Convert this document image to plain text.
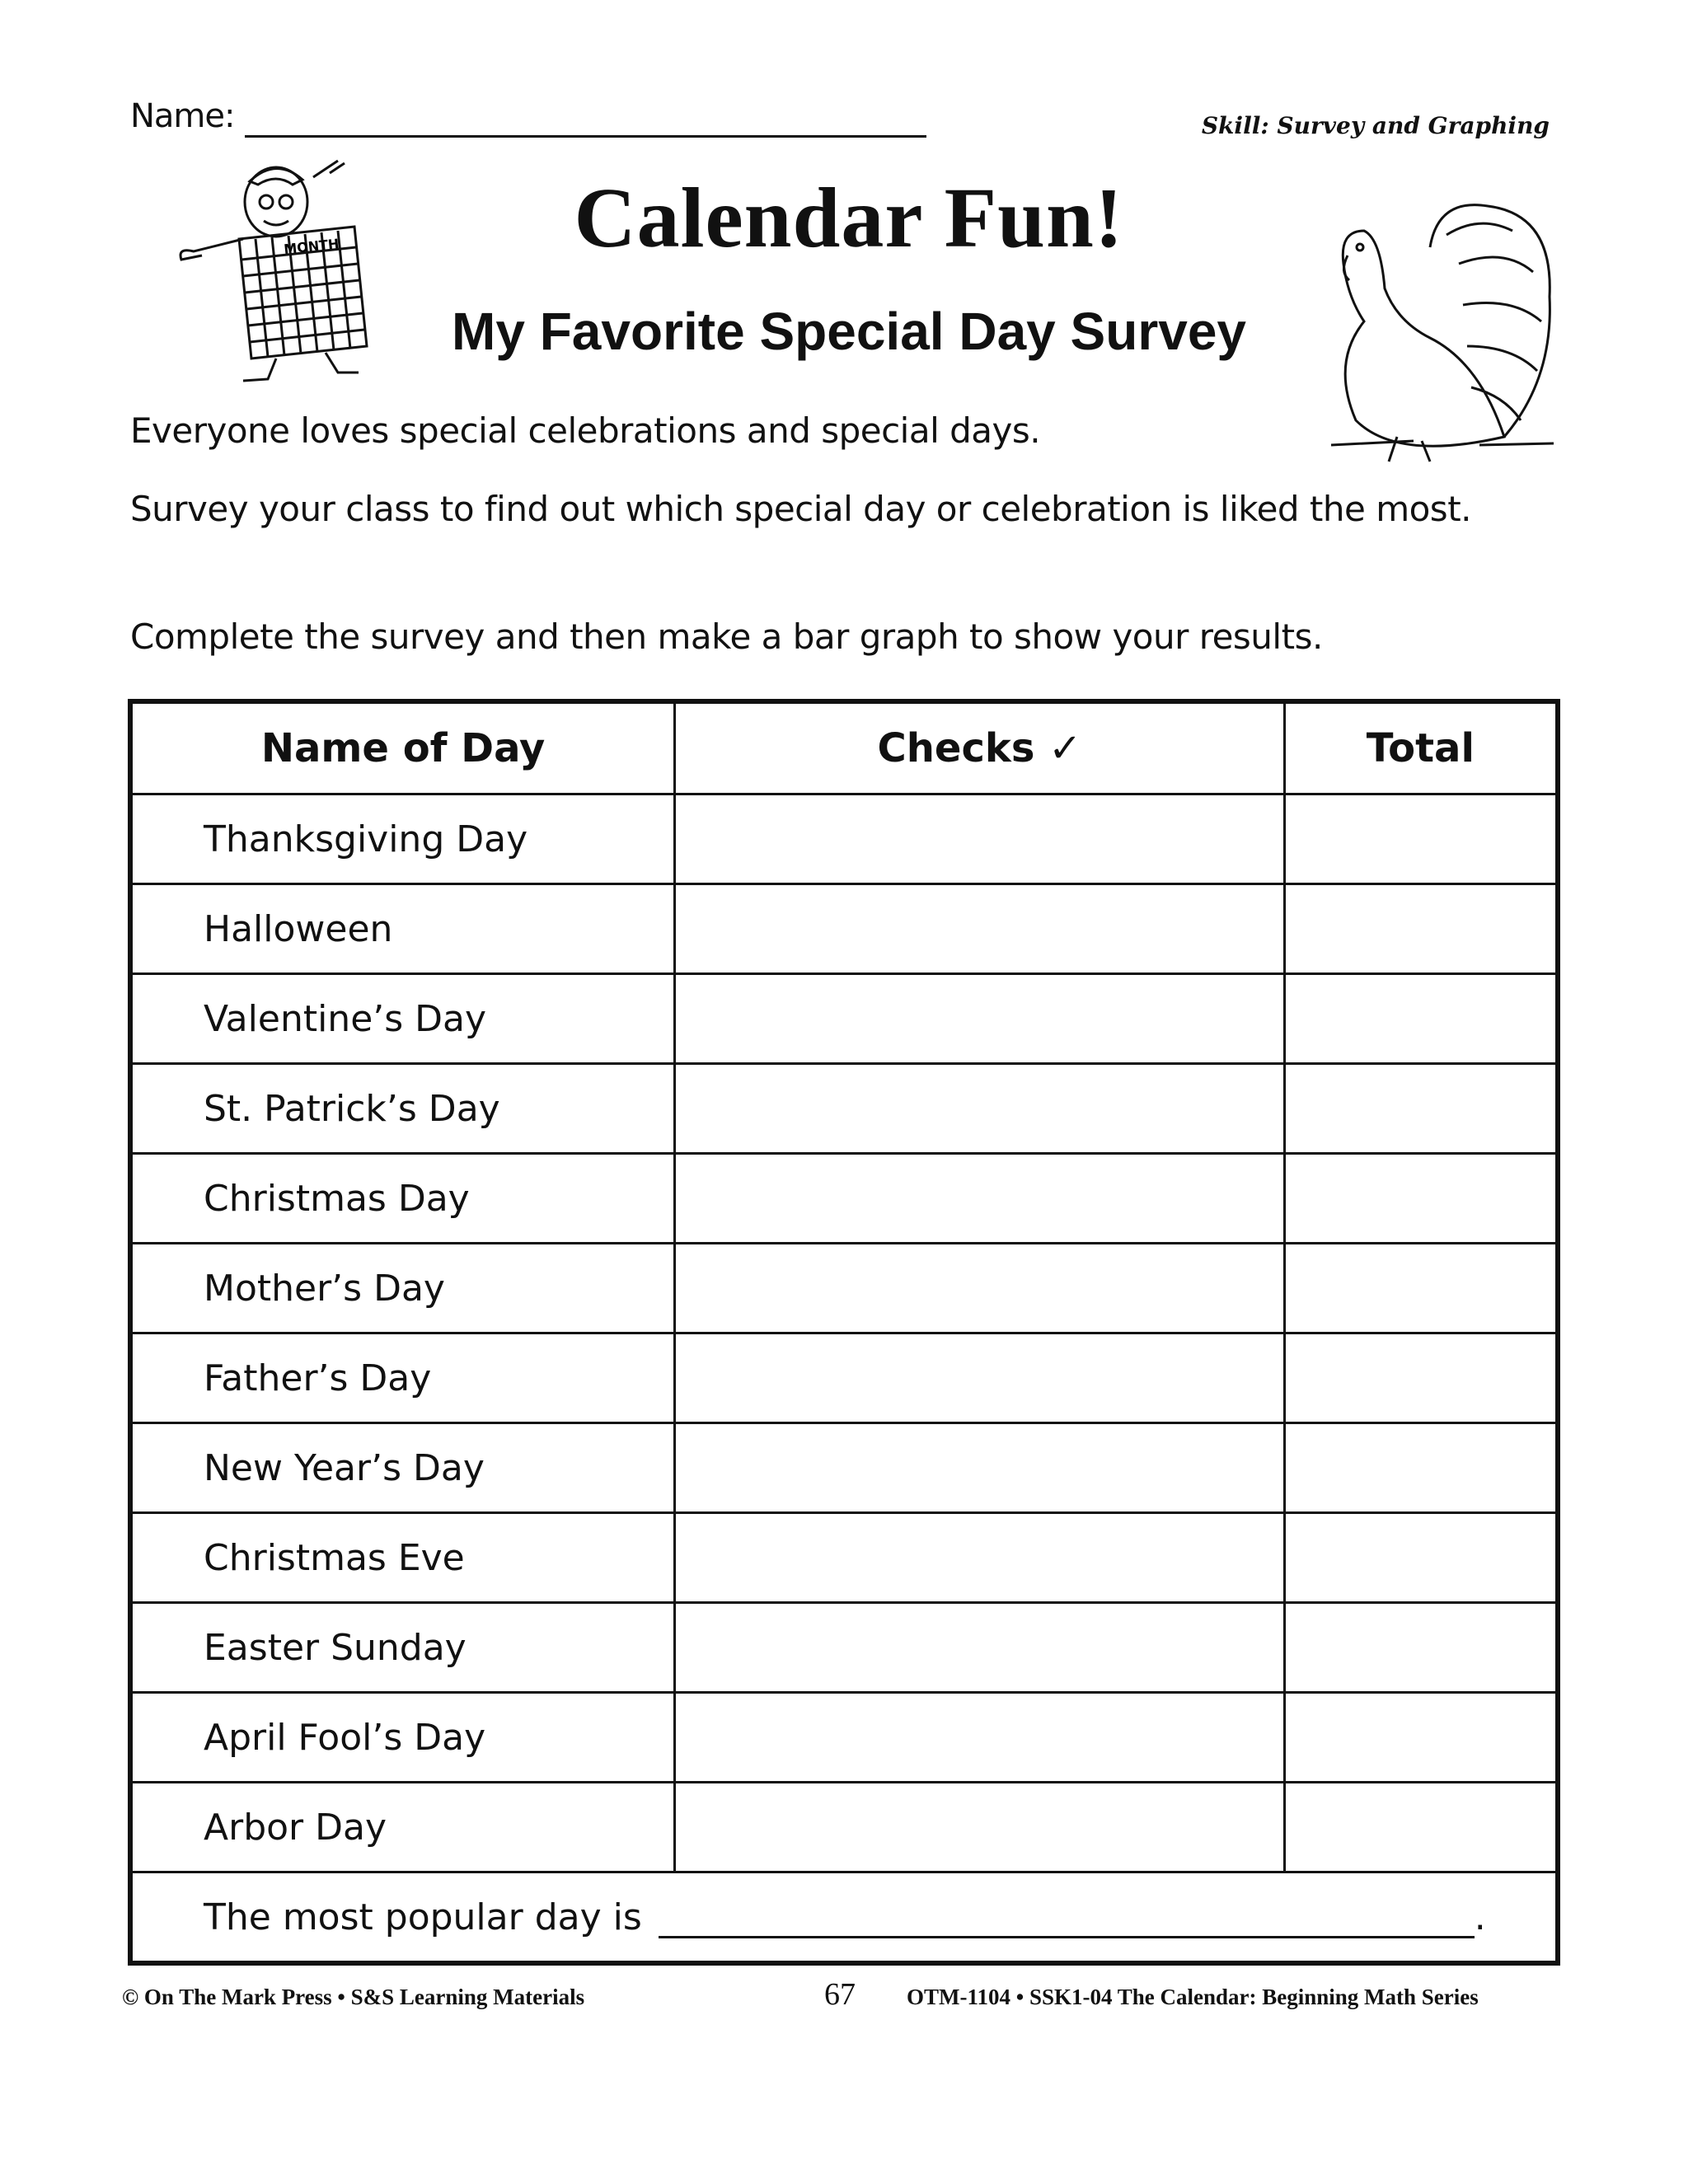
Name:	Skill: Survey and Graphing
MONTH	Calendar Fun!
My Favorite Special Day Survey
Everyone loves special celebrations and special days.
Survey your class to find out which special day or celebration is liked the most.
Complete the survey and then make a bar graph to show your results.
Name of Day	Checks ✓	Total
Thanksgiving Day		
Halloween		
Valentine’s Day		
St. Patrick’s Day		
Christmas Day		
Mother’s Day		
Father’s Day		
New Year’s Day		
Christmas Eve		
Easter Sunday		
April Fool’s Day		
Arbor Day		
The most popular day is .		
© On The Mark Press • S&S Learning Materials	67 OTM-1104 • SSK1-04 The Calendar: Beginning Math Series
